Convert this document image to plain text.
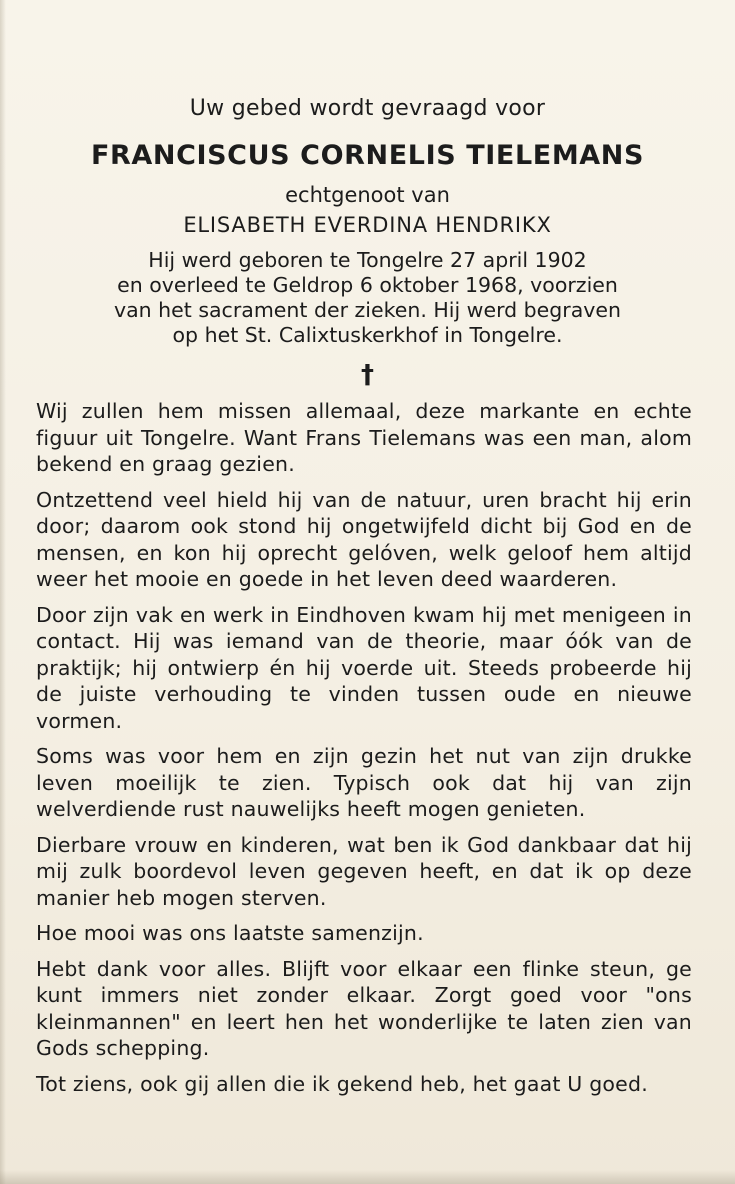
Uw gebed wordt gevraagd voor
FRANCISCUS CORNELIS TIELEMANS
echtgenoot van
ELISABETH EVERDINA HENDRIKX
Hij werd geboren te Tongelre 27 april 1902
en overleed te Geldrop 6 oktober 1968, voorzien
van het sacrament der zieken. Hij werd begraven
op het St. Calixtuskerkhof in Tongelre.
†

Wij zullen hem missen allemaal, deze markante en echte figuur uit Tongelre. Want Frans Tielemans was een man, alom bekend en graag gezien.

Ontzettend veel hield hij van de natuur, uren bracht hij erin door; daarom ook stond hij ongetwijfeld dicht bij God en de mensen, en kon hij oprecht gelóven, welk geloof hem altijd weer het mooie en goede in het leven deed waarderen.

Door zijn vak en werk in Eindhoven kwam hij met menigeen in contact. Hij was iemand van de theorie, maar óók van de praktijk; hij ontwierp én hij voerde uit. Steeds probeerde hij de juiste verhouding te vinden tussen oude en nieuwe vormen.

Soms was voor hem en zijn gezin het nut van zijn drukke leven moeilijk te zien. Typisch ook dat hij van zijn welverdiende rust nauwelijks heeft mogen genieten.

Dierbare vrouw en kinderen, wat ben ik God dankbaar dat hij mij zulk boordevol leven gegeven heeft, en dat ik op deze manier heb mogen sterven.

Hoe mooi was ons laatste samenzijn.

Hebt dank voor alles. Blijft voor elkaar een flinke steun, ge kunt immers niet zonder elkaar. Zorgt goed voor "ons kleinmannen" en leert hen het wonderlijke te laten zien van Gods schepping.

Tot ziens, ook gij allen die ik gekend heb, het gaat U goed.
